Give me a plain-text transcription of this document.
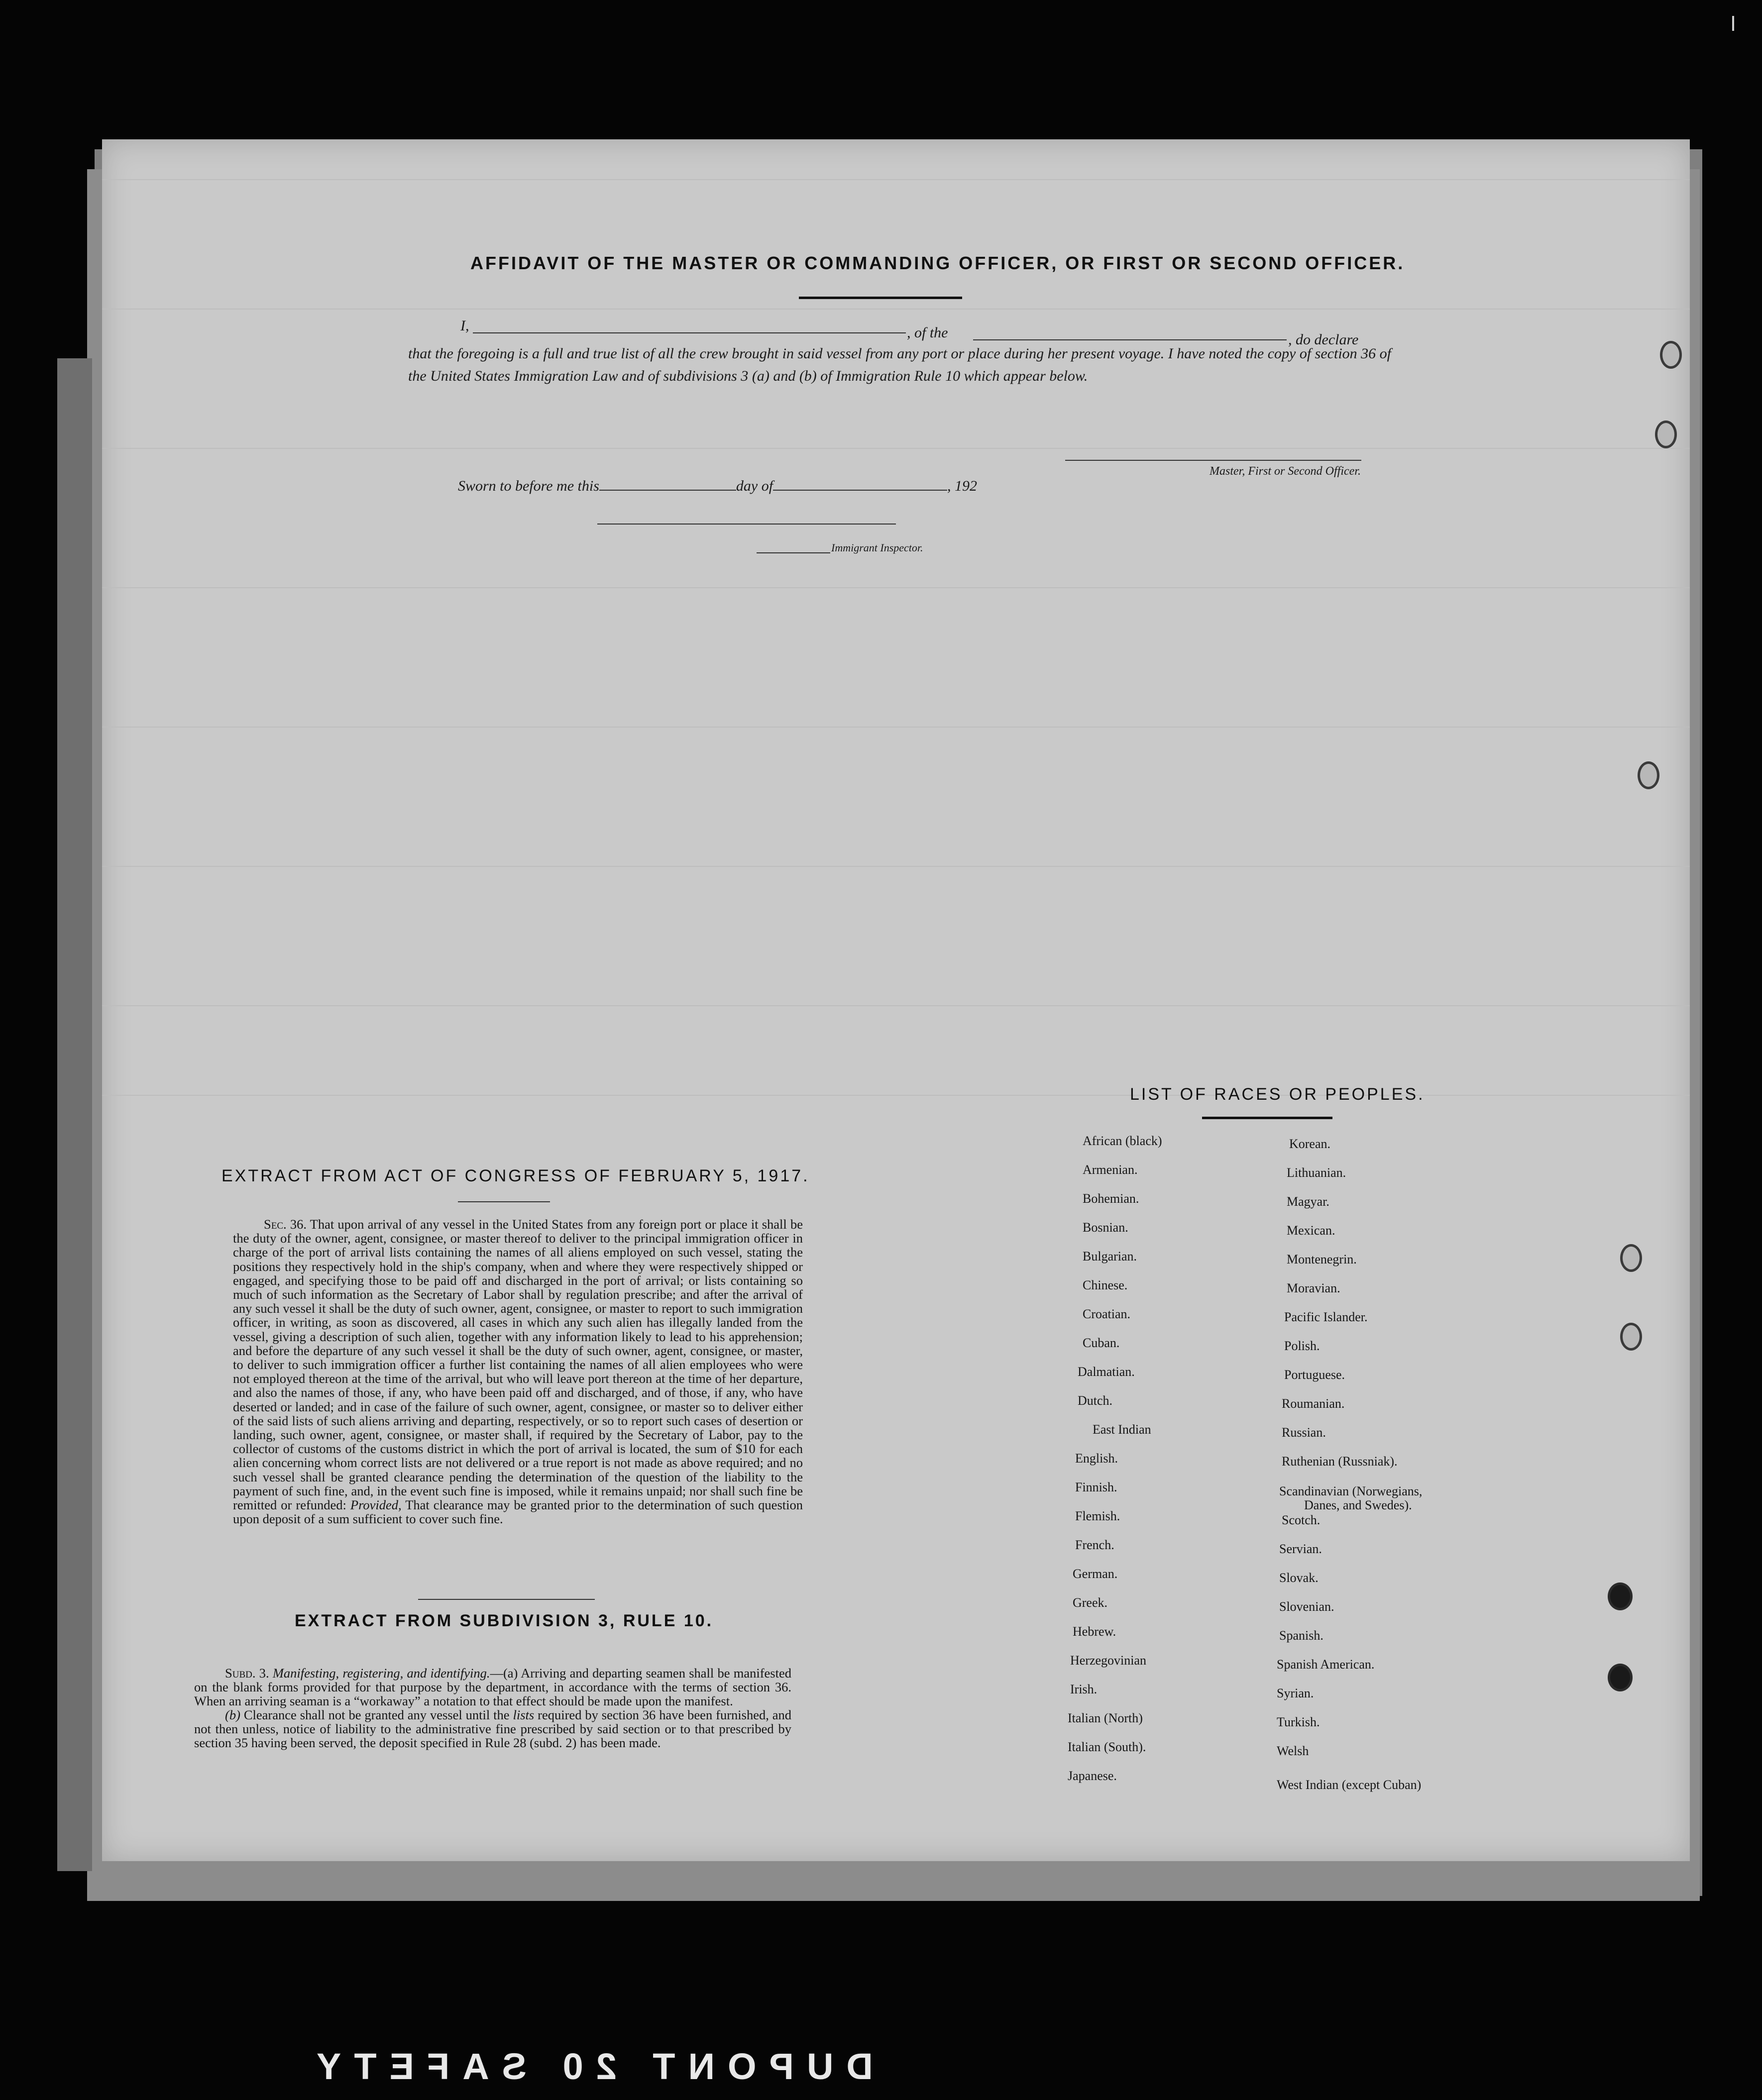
AFFIDAVIT OF THE MASTER OR COMMANDING OFFICER, OR FIRST OR SECOND OFFICER.
I,	, of the	, do declare
that the foregoing is a full and true list of all the crew brought in said vessel from any port or place during her present voyage. I have noted the copy of section 36 of the United States Immigration Law and of subdivisions 3 (a) and (b) of Immigration Rule 10 which appear below.
Master, First or Second Officer.
Sworn to before me this	day of	, 192
Immigrant Inspector.
LIST OF RACES OR PEOPLES.
African (black)
Armenian.
Bohemian.
Bosnian.
Bulgarian.
Chinese.
Croatian.
Cuban.
Dalmatian.
Dutch.
East Indian
English.
Finnish.
Flemish.
French.
German.
Greek.
Hebrew.
Herzegovinian
Irish.
Italian (North)
Italian (South).
Japanese.
Korean.
Lithuanian.
Magyar.
Mexican.
Montenegrin.
Moravian.
Pacific Islander.
Polish.
Portuguese.
Roumanian.
Russian.
Ruthenian (Russniak).
Scandinavian (Norwegians,
Danes, and Swedes).
Scotch.
Servian.
Slovak.
Slovenian.
Spanish.
Spanish American.
Syrian.
Turkish.
Welsh
West Indian (except Cuban)
EXTRACT FROM ACT OF CONGRESS OF FEBRUARY 5, 1917.
Sec. 36. That upon arrival of any vessel in the United States from any foreign port or place it shall be the duty of the owner, agent, consignee, or master thereof to deliver to the principal immigration officer in charge of the port of arrival lists containing the names of all aliens employed on such vessel, stating the positions they respectively hold in the ship's company, when and where they were respectively shipped or engaged, and specifying those to be paid off and discharged in the port of arrival; or lists containing so much of such information as the Secretary of Labor shall by regulation prescribe; and after the arrival of any such vessel it shall be the duty of such owner, agent, consignee, or master to report to such immigration officer, in writing, as soon as discovered, all cases in which any such alien has illegally landed from the vessel, giving a description of such alien, together with any information likely to lead to his apprehension; and before the departure of any such vessel it shall be the duty of such owner, agent, consignee, or master, to deliver to such immigration officer a further list containing the names of all alien employees who were not employed thereon at the time of the arrival, but who will leave port thereon at the time of her departure, and also the names of those, if any, who have been paid off and discharged, and of those, if any, who have deserted or landed; and in case of the failure of such owner, agent, consignee, or master so to deliver either of the said lists of such aliens arriving and departing, respectively, or so to report such cases of desertion or landing, such owner, agent, consignee, or master shall, if required by the Secretary of Labor, pay to the collector of customs of the customs district in which the port of arrival is located, the sum of $10 for each alien concerning whom correct lists are not delivered or a true report is not made as above required; and no such vessel shall be granted clearance pending the determination of the question of the liability to the payment of such fine, and, in the event such fine is imposed, while it remains unpaid; nor shall such fine be remitted or refunded: Provided, That clearance may be granted prior to the determination of such question upon deposit of a sum sufficient to cover such fine.
EXTRACT FROM SUBDIVISION 3, RULE 10.
Subd. 3. Manifesting, registering, and identifying.—(a) Arriving and departing seamen shall be manifested on the blank forms provided for that purpose by the department, in accordance with the terms of section 36. When an arriving seaman is a “workaway” a notation to that effect should be made upon the manifest.
(b) Clearance shall not be granted any vessel until the lists required by section 36 have been furnished, and not then unless, notice of liability to the administrative fine prescribed by said section or to that prescribed by section 35 having been served, the deposit specified in Rule 28 (subd. 2) has been made.
DUPONT 20 SAFETY
